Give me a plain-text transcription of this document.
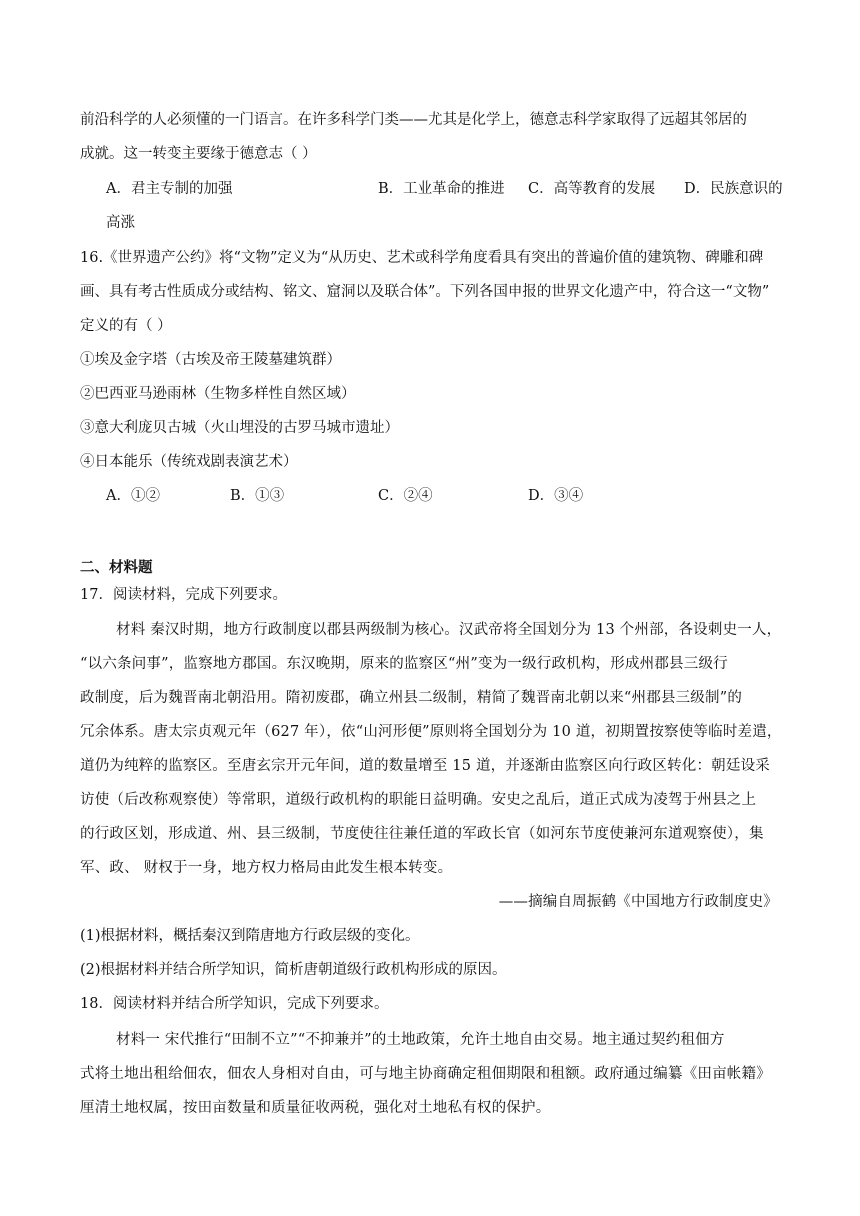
前沿科学的人必须懂的一门语言。在许多科学门类——尤其是化学上，德意志科学家取得了远超其邻居的
成就。这一转变主要缘于德意志（ ）
A．君主专制的加强	B．工业革命的推进 C．高等教育的发展 D．民族意识的
高涨
16.《世界遗产公约》将“文物”定义为“从历史、艺术或科学角度看具有突出的普遍价值的建筑物、碑雕和碑
画、具有考古性质成分或结构、铭文、窟洞以及联合体”。下列各国申报的世界文化遗产中，符合这一“文物”
定义的有（ ）
①埃及金字塔（古埃及帝王陵墓建筑群）
②巴西亚马逊雨林（生物多样性自然区域）
③意大利庞贝古城（火山埋没的古罗马城市遗址）
④日本能乐（传统戏剧表演艺术）
A．①②	B．①③	C．②④	D．③④
二、材料题
17．阅读材料，完成下列要求。
材料 秦汉时期，地方行政制度以郡县两级制为核心。汉武帝将全国划分为 13 个州部，各设刺史一人，
“以六条问事”，监察地方郡国。东汉晚期，原来的监察区“州”变为一级行政机构，形成州郡县三级行
政制度，后为魏晋南北朝沿用。隋初废郡，确立州县二级制，精简了魏晋南北朝以来“州郡县三级制”的
冗余体系。唐太宗贞观元年（627 年），依“山河形便”原则将全国划分为 10 道，初期置按察使等临时差遣，
道仍为纯粹的监察区。至唐玄宗开元年间，道的数量增至 15 道，并逐渐由监察区向行政区转化：朝廷设采
访使（后改称观察使）等常职，道级行政机构的职能日益明确。安史之乱后，道正式成为凌驾于州县之上
的行政区划，形成道、州、县三级制，节度使往往兼任道的军政长官（如河东节度使兼河东道观察使），集
军、政、 财权于一身，地方权力格局由此发生根本转变。
——摘编自周振鹤《中国地方行政制度史》
(1)根据材料，概括秦汉到隋唐地方行政层级的变化。
(2)根据材料并结合所学知识，简析唐朝道级行政机构形成的原因。
18．阅读材料并结合所学知识，完成下列要求。
材料一 宋代推行“田制不立”“不抑兼并”的土地政策，允许土地自由交易。地主通过契约租佃方
式将土地出租给佃农，佃农人身相对自由，可与地主协商确定租佃期限和租额。政府通过编纂《田亩帐籍》
厘清土地权属，按田亩数量和质量征收两税，强化对土地私有权的保护。
